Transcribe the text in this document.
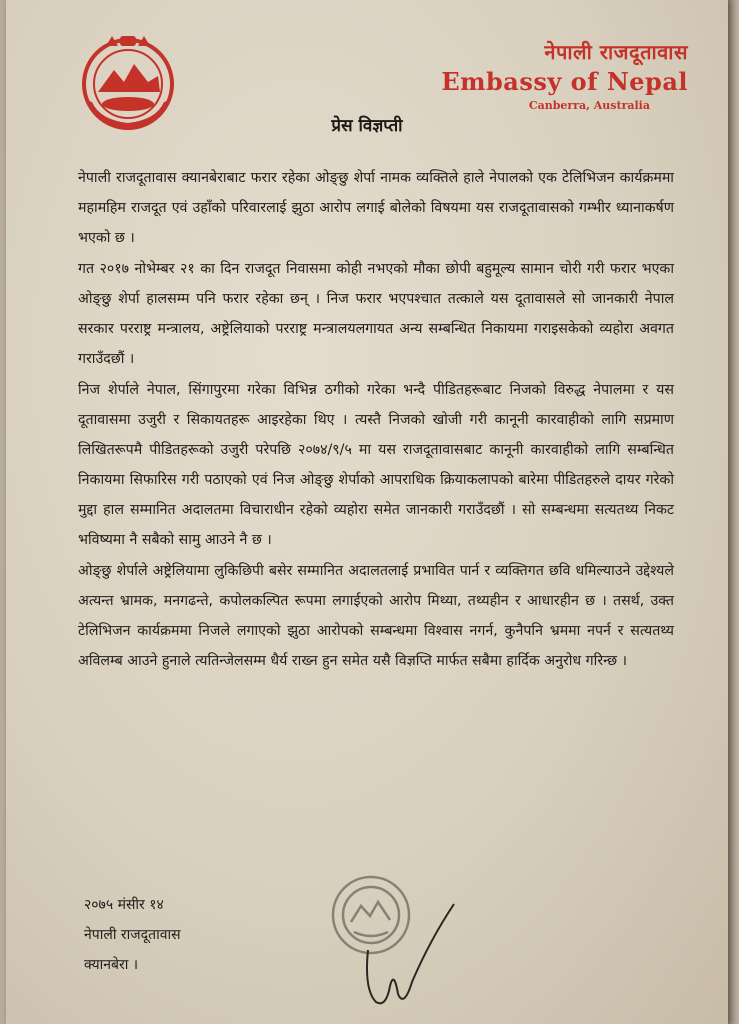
नेपाली राजदूतावास
Embassy of Nepal
Canberra, Australia
प्रेस विज्ञप्ती

नेपाली राजदूतावास क्यानबेराबाट फरार रहेका ओङ्छु शेर्पा नामक व्यक्तिले हाले नेपालको एक टेलिभिजन कार्यक्रममा महामहिम राजदूत एवं उहाँको परिवारलाई झुठा आरोप लगाई बोलेको विषयमा यस राजदूतावासको गम्भीर ध्यानाकर्षण भएको छ ।

गत २०१७ नोभेम्बर २१ का दिन राजदूत निवासमा कोही नभएको मौका छोपी बहुमूल्य सामान चोरी गरी फरार भएका ओङ्छु शेर्पा हालसम्म पनि फरार रहेका छन् । निज फरार भएपश्चात तत्काले यस दूतावासले सो जानकारी नेपाल सरकार परराष्ट्र मन्त्रालय, अष्ट्रेलियाको परराष्ट्र मन्त्रालयलगायत अन्य सम्बन्धित निकायमा गराइसकेको व्यहोरा अवगत गराउँदछौं ।

निज शेर्पाले नेपाल, सिंगापुरमा गरेका विभिन्न ठगीको गरेका भन्दै पीडितहरूबाट निजको विरुद्ध नेपालमा र यस दूतावासमा उजुरी र सिकायतहरू आइरहेका थिए । त्यस्तै निजको खोजी गरी कानूनी कारवाहीको लागि सप्रमाण लिखितरूपमै पीडितहरूको उजुरी परेपछि २०७४/९/५ मा यस राजदूतावासबाट कानूनी कारवाहीको लागि सम्बन्धित निकायमा सिफारिस गरी पठाएको एवं निज ओङ्छु शेर्पाको आपराधिक क्रियाकलापको बारेमा पीडितहरुले दायर गरेको मुद्दा हाल सम्मानित अदालतमा विचाराधीन रहेको व्यहोरा समेत जानकारी गराउँदछौं । सो सम्बन्धमा सत्यतथ्य निकट भविष्यमा नै सबैको सामु आउने नै छ ।

ओङ्छु शेर्पाले अष्ट्रेलियामा लुकिछिपी बसेर सम्मानित अदालतलाई प्रभावित पार्न र व्यक्तिगत छवि धमिल्याउने उद्देश्यले अत्यन्त भ्रामक, मनगढन्ते, कपोलकल्पित रूपमा लगाईएको आरोप मिथ्या, तथ्यहीन र आधारहीन छ । तसर्थ, उक्त टेलिभिजन कार्यक्रममा निजले लगाएको झुठा आरोपको सम्बन्धमा विश्वास नगर्न, कुनैपनि भ्रममा नपर्न र सत्यतथ्य अविलम्ब आउने हुनाले त्यतिन्जेलसम्म धैर्य राख्न हुन समेत यसै विज्ञप्ति मार्फत सबैमा हार्दिक अनुरोध गरिन्छ ।

२०७५ मंसीर १४
नेपाली राजदूतावास
क्यानबेरा ।
